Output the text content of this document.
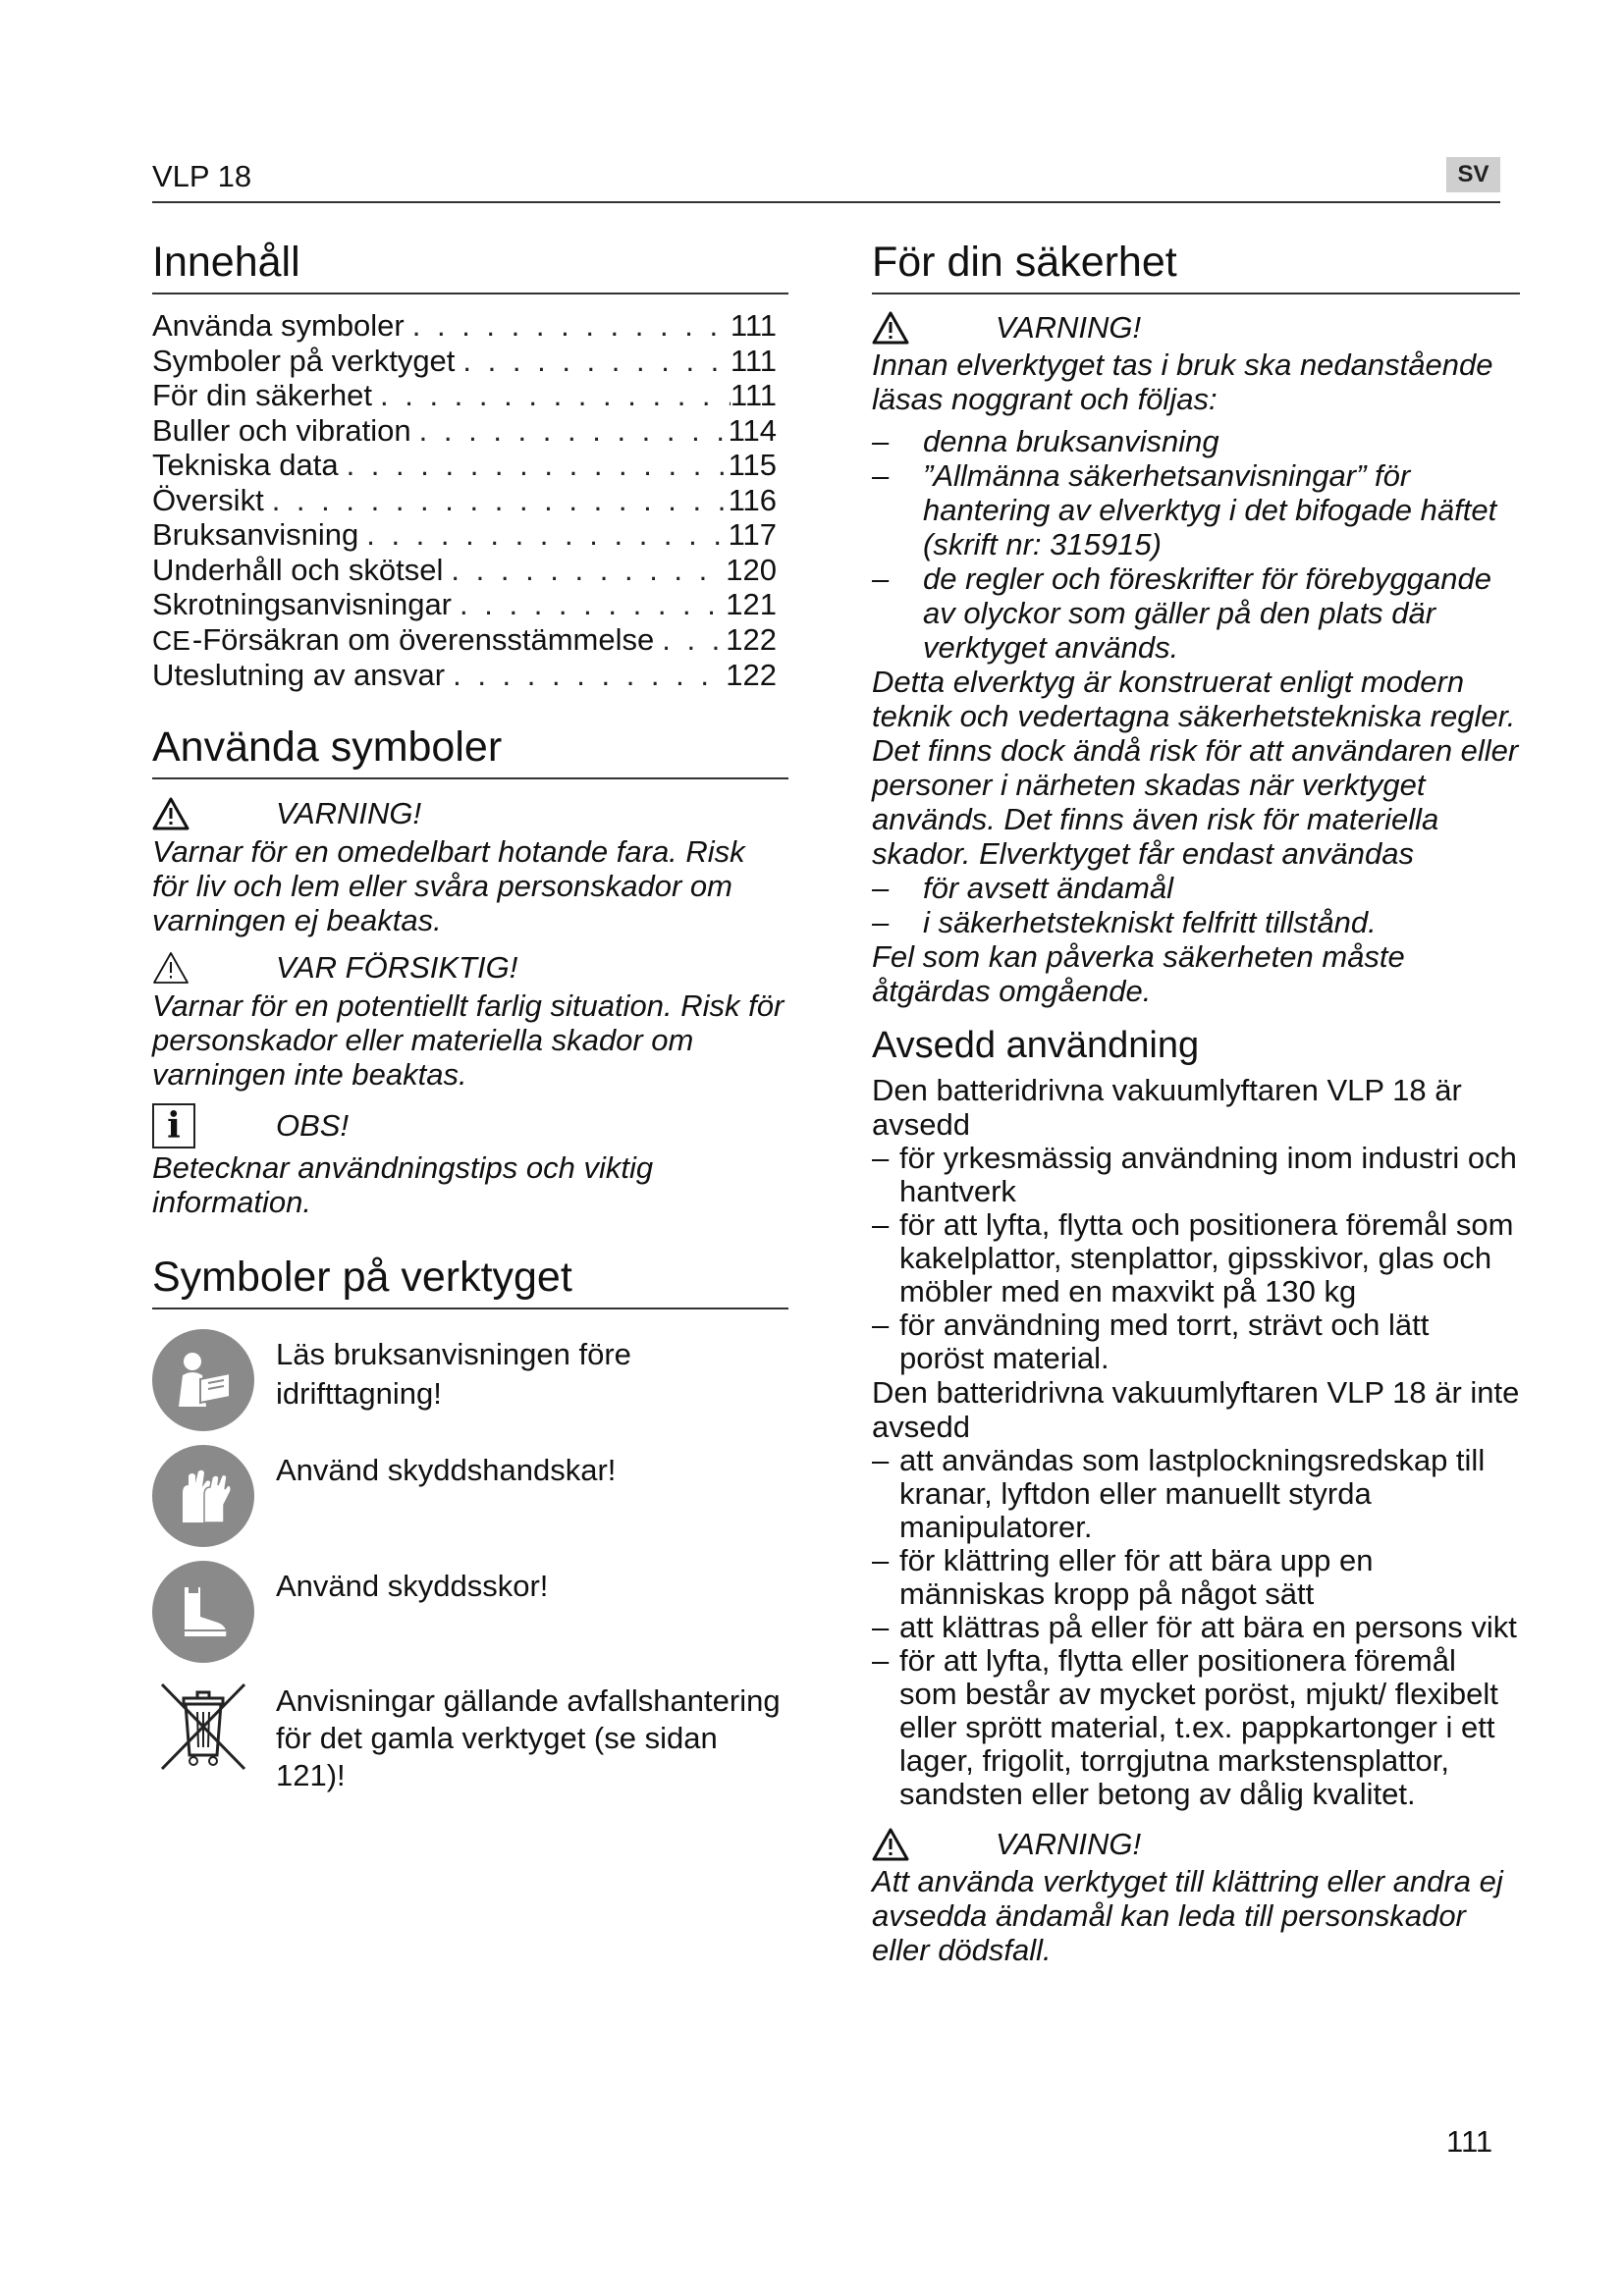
VLP 18	SV
Innehåll
Använda symboler . . .	111
Symboler på verktyget . . .	111
För din säkerhet . . .	111
Buller och vibration . . .	114
Tekniska data . . .	115
Översikt . . .	116
Bruksanvisning . . .	117
Underhåll och skötsel . . .	120
Skrotningsanvisningar . . .	121
CE-Försäkran om överensstämmelse . . . 122
Uteslutning av ansvar . . .	122
Använda symboler
VARNING!
Varnar för en omedelbart hotande fara. Risk för liv och lem eller svåra personskador om varningen ej beaktas.
VAR FÖRSIKTIG!
Varnar för en potentiellt farlig situation. Risk för personskador eller materiella skador om varningen inte beaktas.
i	OBS!
Betecknar användningstips och viktig information.
Symboler på verktyget
Läs bruksanvisningen före idrifttagning!
Använd skyddshandskar!
Använd skyddsskor!
Anvisningar gällande avfallshantering för det gamla verktyget (se sidan 121)!
För din säkerhet
VARNING!
Innan elverktyget tas i bruk ska nedanstående läsas noggrant och följas:
–	denna bruksanvisning
–	”Allmänna säkerhetsanvisningar” för hantering av elverktyg i det bifogade häftet (skrift nr: 315915)
–	de regler och föreskrifter för förebyggande av olyckor som gäller på den plats där verktyget används.
Detta elverktyg är konstruerat enligt modern teknik och vedertagna säkerhetstekniska regler. Det finns dock ändå risk för att användaren eller personer i närheten skadas när verktyget används. Det finns även risk för materiella skador. Elverktyget får endast användas
–	för avsett ändamål
–	i säkerhetstekniskt felfritt tillstånd.
Fel som kan påverka säkerheten måste åtgärdas omgående.
Avsedd användning
Den batteridrivna vakuumlyftaren VLP 18 är avsedd
– för yrkesmässig användning inom industri och hantverk
– för att lyfta, flytta och positionera föremål som kakelplattor, stenplattor, gipsskivor, glas och möbler med en maxvikt på 130 kg
– för användning med torrt, strävt och lätt poröst material.
Den batteridrivna vakuumlyftaren VLP 18 är inte avsedd
– att användas som lastplockningsredskap till kranar, lyftdon eller manuellt styrda manipulatorer.
– för klättring eller för att bära upp en människas kropp på något sätt
– att klättras på eller för att bära en persons vikt
– för att lyfta, flytta eller positionera föremål som består av mycket poröst, mjukt/ flexibelt eller sprött material, t.ex. pappkartonger i ett lager, frigolit, torrgjutna markstensplattor, sandsten eller betong av dålig kvalitet.
VARNING!
Att använda verktyget till klättring eller andra ej avsedda ändamål kan leda till personskador eller dödsfall.
111
